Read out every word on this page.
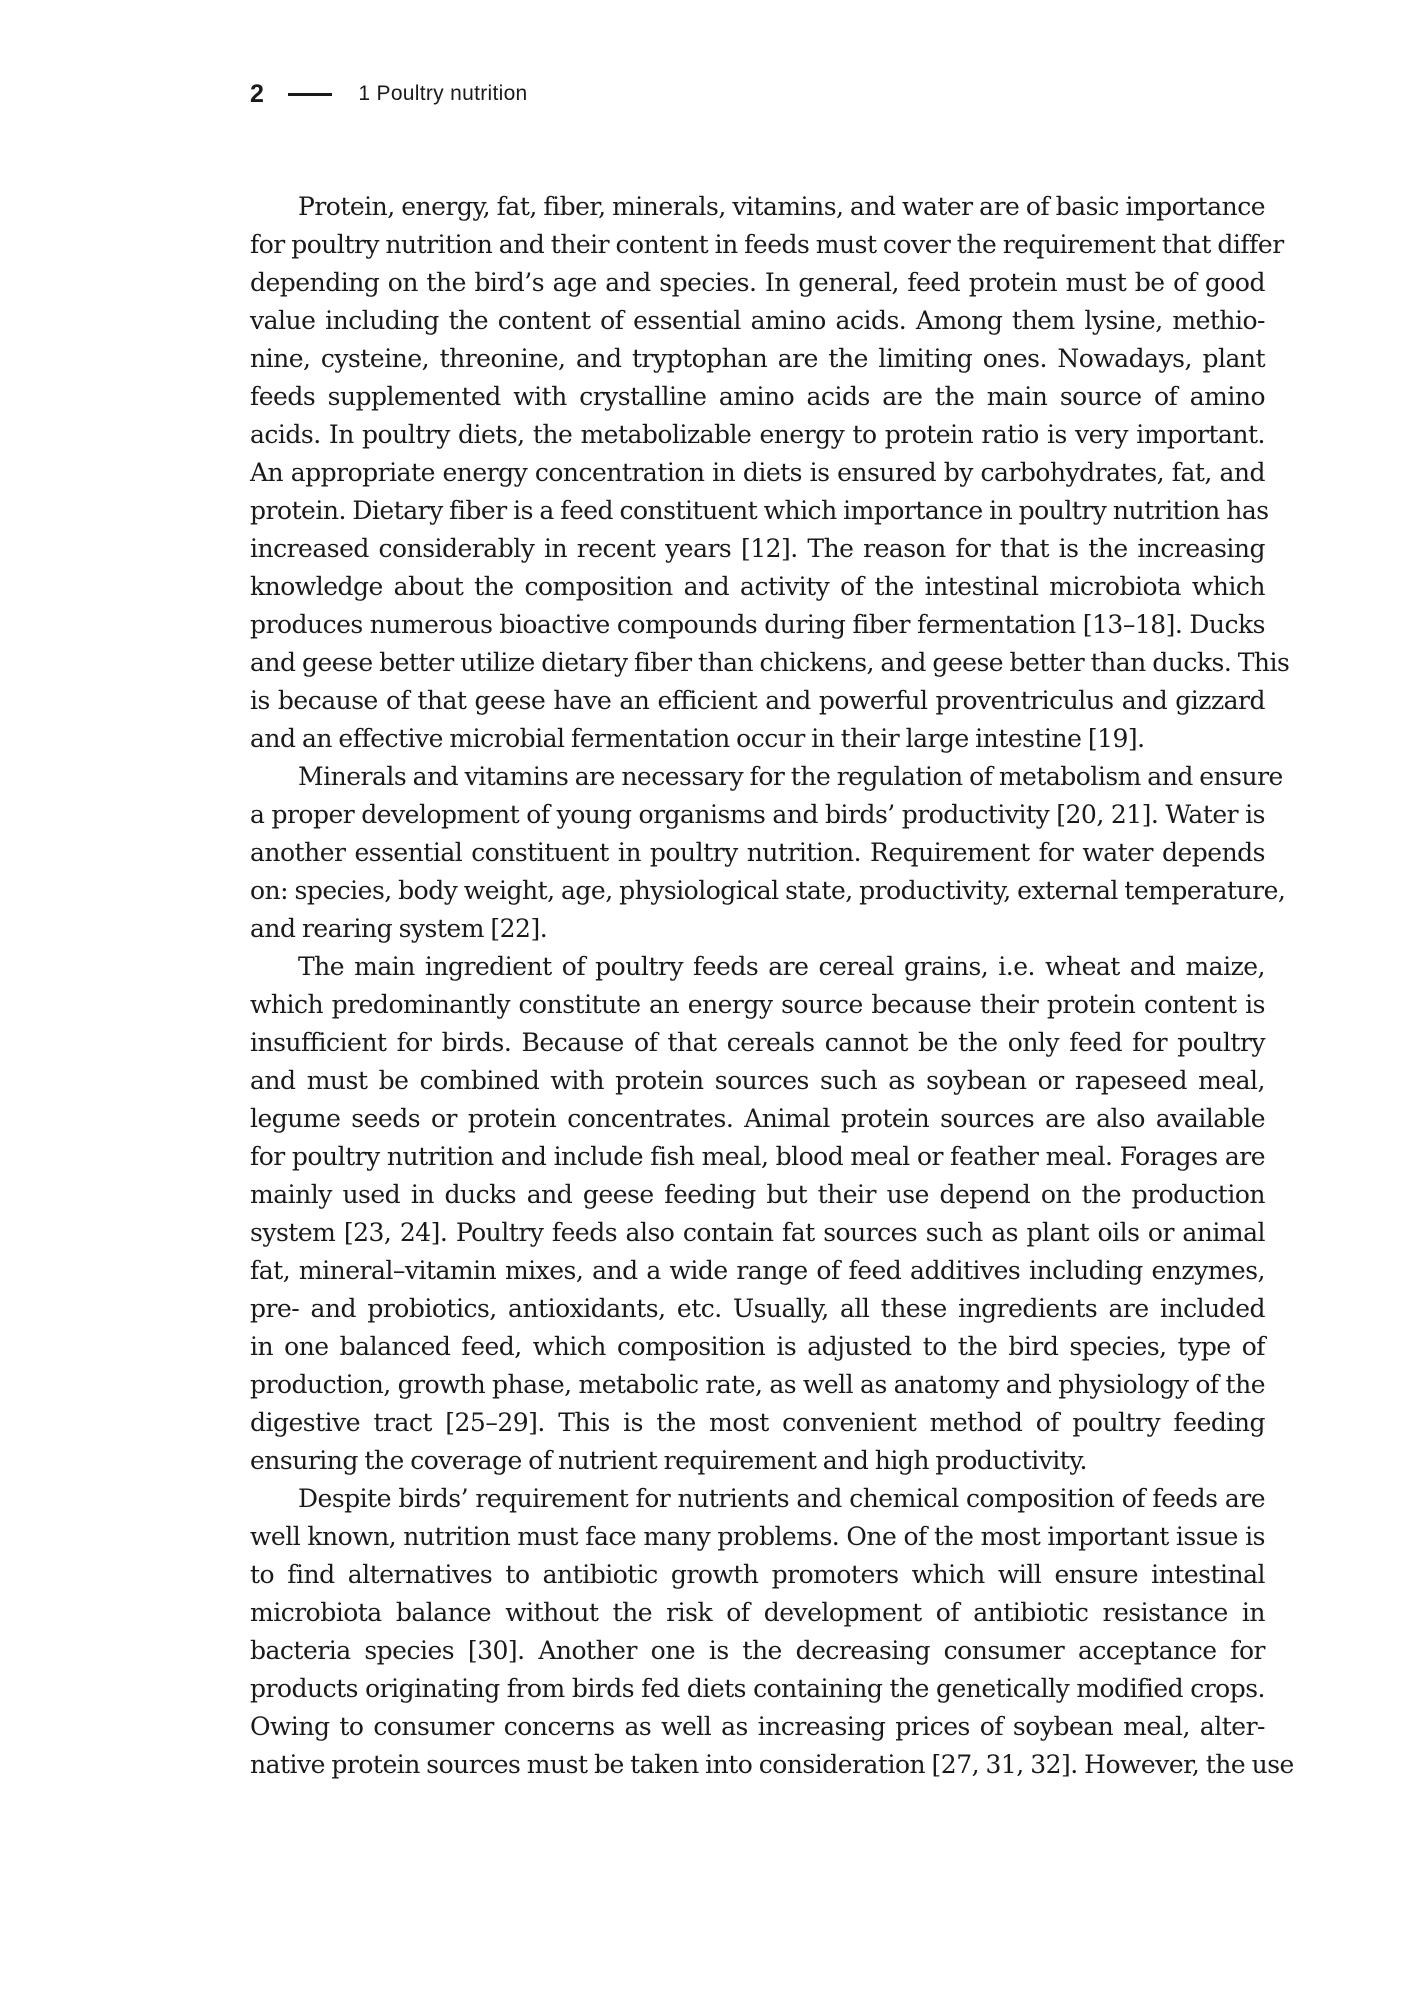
2	1 Poultry nutrition
Protein, energy, fat, fiber, minerals, vitamins, and water are of basic importance
for poultry nutrition and their content in feeds must cover the requirement that differ
depending on the bird’s age and species. In general, feed protein must be of good
value including the content of essential amino acids. Among them lysine, methio-
nine, cysteine, threonine, and tryptophan are the limiting ones. Nowadays, plant
feeds supplemented with crystalline amino acids are the main source of amino
acids. In poultry diets, the metabolizable energy to protein ratio is very important.
An appropriate energy concentration in diets is ensured by carbohydrates, fat, and
protein. Dietary fiber is a feed constituent which importance in poultry nutrition has
increased considerably in recent years [12]. The reason for that is the increasing
knowledge about the composition and activity of the intestinal microbiota which
produces numerous bioactive compounds during fiber fermentation [13–18]. Ducks
and geese better utilize dietary fiber than chickens, and geese better than ducks. This
is because of that geese have an efficient and powerful proventriculus and gizzard
and an effective microbial fermentation occur in their large intestine [19].
Minerals and vitamins are necessary for the regulation of metabolism and ensure
a proper development of young organisms and birds’ productivity [20, 21]. Water is
another essential constituent in poultry nutrition. Requirement for water depends
on: species, body weight, age, physiological state, productivity, external temperature,
and rearing system [22].
The main ingredient of poultry feeds are cereal grains, i.e. wheat and maize,
which predominantly constitute an energy source because their protein content is
insufficient for birds. Because of that cereals cannot be the only feed for poultry
and must be combined with protein sources such as soybean or rapeseed meal,
legume seeds or protein concentrates. Animal protein sources are also available
for poultry nutrition and include fish meal, blood meal or feather meal. Forages are
mainly used in ducks and geese feeding but their use depend on the production
system [23, 24]. Poultry feeds also contain fat sources such as plant oils or animal
fat, mineral–vitamin mixes, and a wide range of feed additives including enzymes,
pre- and probiotics, antioxidants, etc. Usually, all these ingredients are included
in one balanced feed, which composition is adjusted to the bird species, type of
production, growth phase, metabolic rate, as well as anatomy and physiology of the
digestive tract [25–29]. This is the most convenient method of poultry feeding
ensuring the coverage of nutrient requirement and high productivity.
Despite birds’ requirement for nutrients and chemical composition of feeds are
well known, nutrition must face many problems. One of the most important issue is
to find alternatives to antibiotic growth promoters which will ensure intestinal
microbiota balance without the risk of development of antibiotic resistance in
bacteria species [30]. Another one is the decreasing consumer acceptance for
products originating from birds fed diets containing the genetically modified crops.
Owing to consumer concerns as well as increasing prices of soybean meal, alter-
native protein sources must be taken into consideration [27, 31, 32]. However, the use
